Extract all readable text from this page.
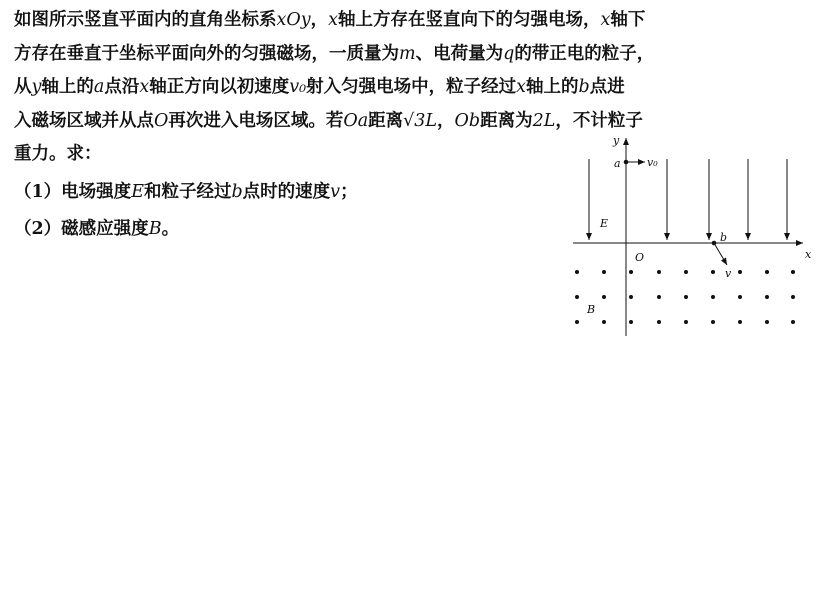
如图所示竖直平面内的直角坐标系xOy，x轴上方存在竖直向下的匀强电场，x轴下
方存在垂直于坐标平面向外的匀强磁场，一质量为m、电荷量为q的带正电的粒子，
从y轴上的a点沿x轴正方向以初速度v₀射入匀强电场中，粒子经过x轴上的b点进
入磁场区域并从点O再次进入电场区域。若Oa距离√3L，Ob距离为2L，不计粒子
重力。求：
（1）电场强度E和粒子经过b点时的速度v；
（2）磁感应强度B。
y
x
E
a v₀
O
b
v
B
